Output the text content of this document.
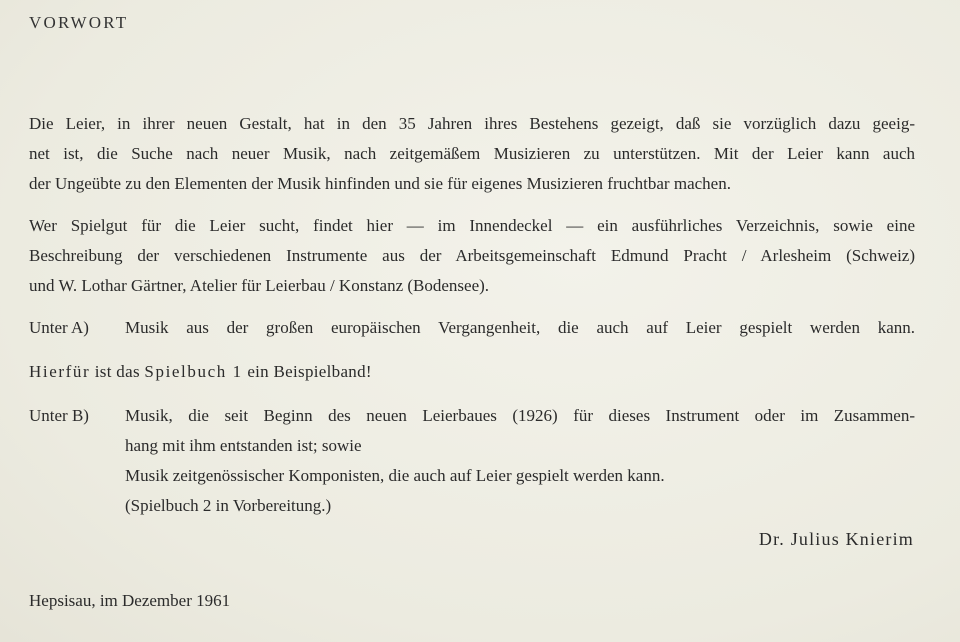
VORWORT
Die Leier, in ihrer neuen Gestalt, hat in den 35 Jahren ihres Bestehens gezeigt, daß sie vorzüglich dazu geeig-
net ist, die Suche nach neuer Musik, nach zeitgemäßem Musizieren zu unterstützen. Mit der Leier kann auch
der Ungeübte zu den Elementen der Musik hinfinden und sie für eigenes Musizieren fruchtbar machen.
Wer Spielgut für die Leier sucht, findet hier — im Innendeckel — ein ausführliches Verzeichnis, sowie eine
Beschreibung der verschiedenen Instrumente aus der Arbeitsgemeinschaft Edmund Pracht / Arlesheim (Schweiz)
und W. Lothar Gärtner, Atelier für Leierbau / Konstanz (Bodensee).
Unter A) Musik aus der großen europäischen Vergangenheit, die auch auf Leier gespielt werden kann.
Hierfür ist das Spielbuch 1 ein Beispielband!
Unter B) Musik, die seit Beginn des neuen Leierbaues (1926) für dieses Instrument oder im Zusammen-
hang mit ihm entstanden ist; sowie
Musik zeitgenössischer Komponisten, die auch auf Leier gespielt werden kann.
(Spielbuch 2 in Vorbereitung.)
Dr. Julius Knierim
Hepsisau, im Dezember 1961
